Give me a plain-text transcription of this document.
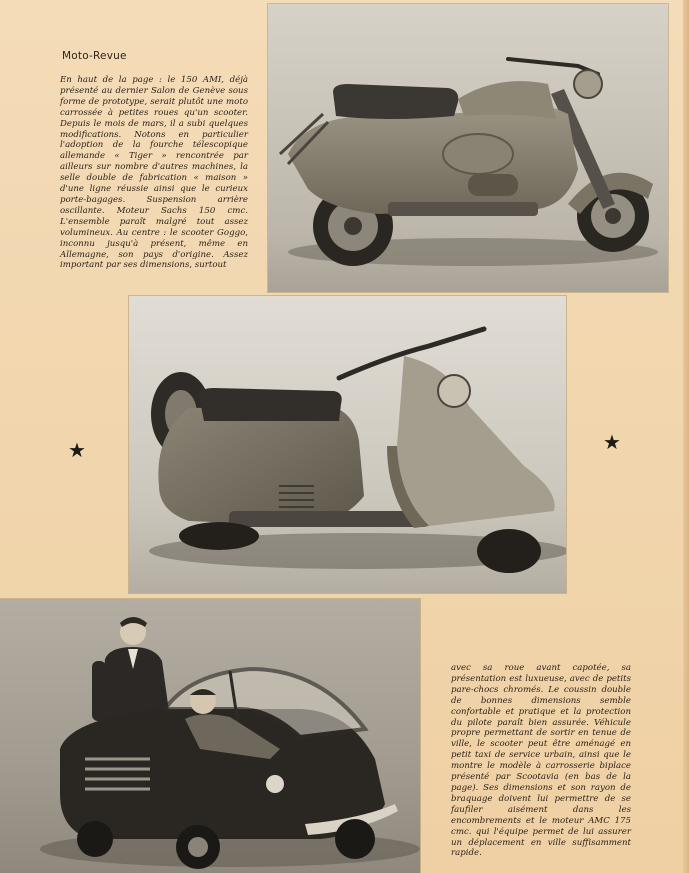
Moto-Revue

En haut de la page : le 150 AMI, déjà présenté au dernier Salon de Genève sous forme de prototype, serait plutôt une moto carrossée à petites roues qu'un scooter. Depuis le mois de mars, il a subi quelques modifications. Notons en particulier l'adoption de la fourche télescopique allemande « Tiger » rencontrée par ailleurs sur nombre d'autres machines, la selle double de fabrication « maison » d'une ligne réussie ainsi que le curieux porte-bagages. Suspension arrière oscillante. Moteur Sachs 150 cmc. L'ensemble paraît malgré tout assez volumineux. Au centre : le scooter Goggo, inconnu jusqu'à présent, même en Allemagne, son pays d'origine. Assez important par ses dimensions, surtout

★	★

avec sa roue avant capotée, sa présentation est luxueuse, avec de petits pare-chocs chromés. Le coussin double de bonnes dimensions semble confortable et pratique et la protection du pilote paraît bien assurée. Véhicule propre permettant de sortir en tenue de ville, le scooter peut être aménagé en petit taxi de service urbain, ainsi que le montre le modèle à carrosserie biplace présenté par Scootavia (en bas de la page). Ses dimensions et son rayon de braquage doivent lui permettre de se faufiler aisément dans les encombrements et le moteur AMC 175 cmc. qui l'équipe permet de lui assurer un déplacement en ville suffisamment rapide.
